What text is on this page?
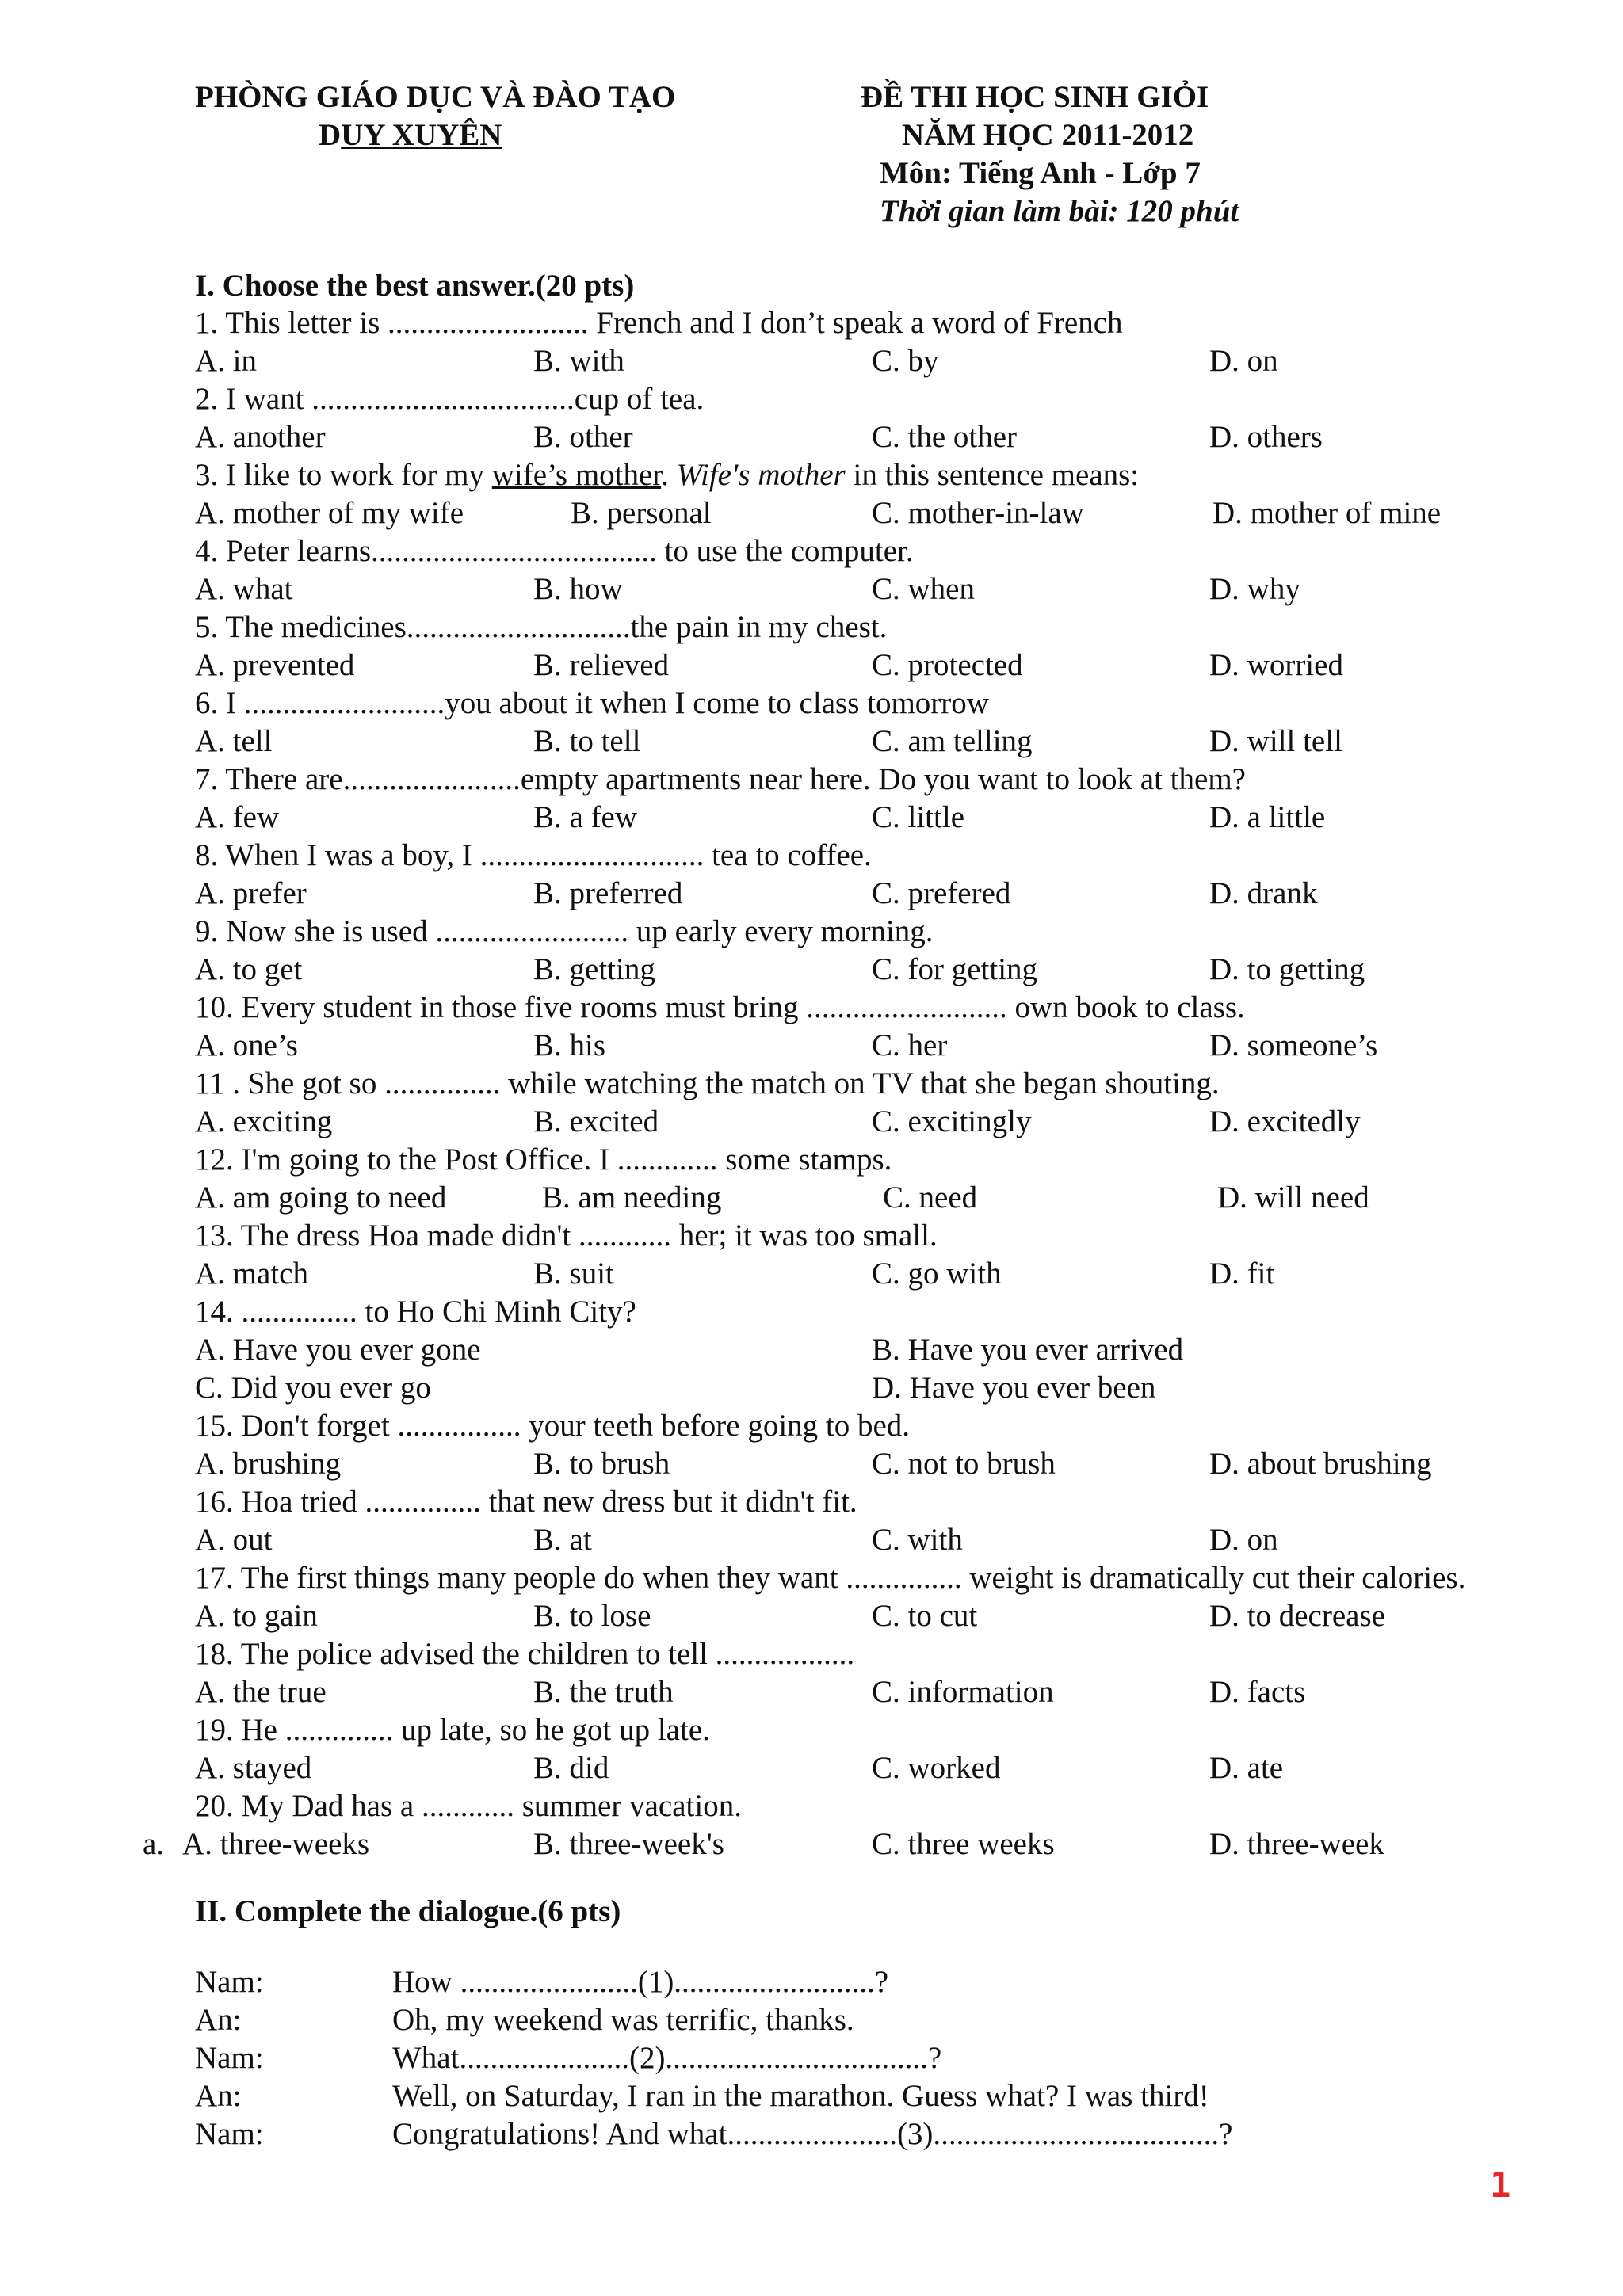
PHÒNG GIÁO DỤC VÀ ĐÀO TẠO
DUY XUYÊN
ĐỀ THI HỌC SINH GIỎI
NĂM HỌC 2011-2012
Môn: Tiếng Anh - Lớp 7
Thời gian làm bài: 120 phút
I. Choose the best answer.(20 pts)
1. This letter is .......................... French and I don’t speak a word of French
A. in	B. with	C. by	D. on
2. I want ..................................cup of tea.
A. another	B. other	C. the other	D. others
3. I like to work for my wife’s mother. Wife's mother in this sentence means:
A. mother of my wife	B. personal	C. mother-in-law	D. mother of mine
4. Peter learns..................................... to use the computer.
A. what	B. how	C. when	D. why
5. The medicines.............................the pain in my chest.
A. prevented	B. relieved	C. protected	D. worried
6. I ..........................you about it when I come to class tomorrow
A. tell	B. to tell	C. am telling	D. will tell
7. There are.......................empty apartments near here. Do you want to look at them?
A. few	B. a few	C. little	D. a little
8. When I was a boy, I ............................. tea to coffee.
A. prefer	B. preferred	C. prefered	D. drank
9. Now she is used ......................... up early every morning.
A. to get	B. getting	C. for getting	D. to getting
10. Every student in those five rooms must bring .......................... own book to class.
A. one’s	B. his	C. her	D. someone’s
11 . She got so ............... while watching the match on TV that she began shouting.
A. exciting	B. excited	C. excitingly	D. excitedly
12. I'm going to the Post Office. I ............. some stamps.
A. am going to need	B. am needing	C. need	D. will need
13. The dress Hoa made didn't ............ her; it was too small.
A. match	B. suit	C. go with	D. fit
14. ............... to Ho Chi Minh City?
A. Have you ever gone	B. Have you ever arrived
C. Did you ever go	D. Have you ever been
15. Don't forget ................ your teeth before going to bed.
A. brushing	B. to brush	C. not to brush	D. about brushing
16. Hoa tried ............... that new dress but it didn't fit.
A. out	B. at	C. with	D. on
17. The first things many people do when they want ............... weight is dramatically cut their calories.
A. to gain	B. to lose	C. to cut	D. to decrease
18. The police advised the children to tell ..................
A. the true	B. the truth	C. information	D. facts
19. He .............. up late, so he got up late.
A. stayed	B. did	C. worked	D. ate
20. My Dad has a ............ summer vacation.
a. A. three-weeks	B. three-week's	C. three weeks	D. three-week
II. Complete the dialogue.(6 pts)
Nam:	How .......................(1)..........................?
An:	Oh, my weekend was terrific, thanks.
Nam:	What......................(2)..................................?
An:	Well, on Saturday, I ran in the marathon. Guess what? I was third!
Nam:	Congratulations! And what......................(3).....................................?
1
